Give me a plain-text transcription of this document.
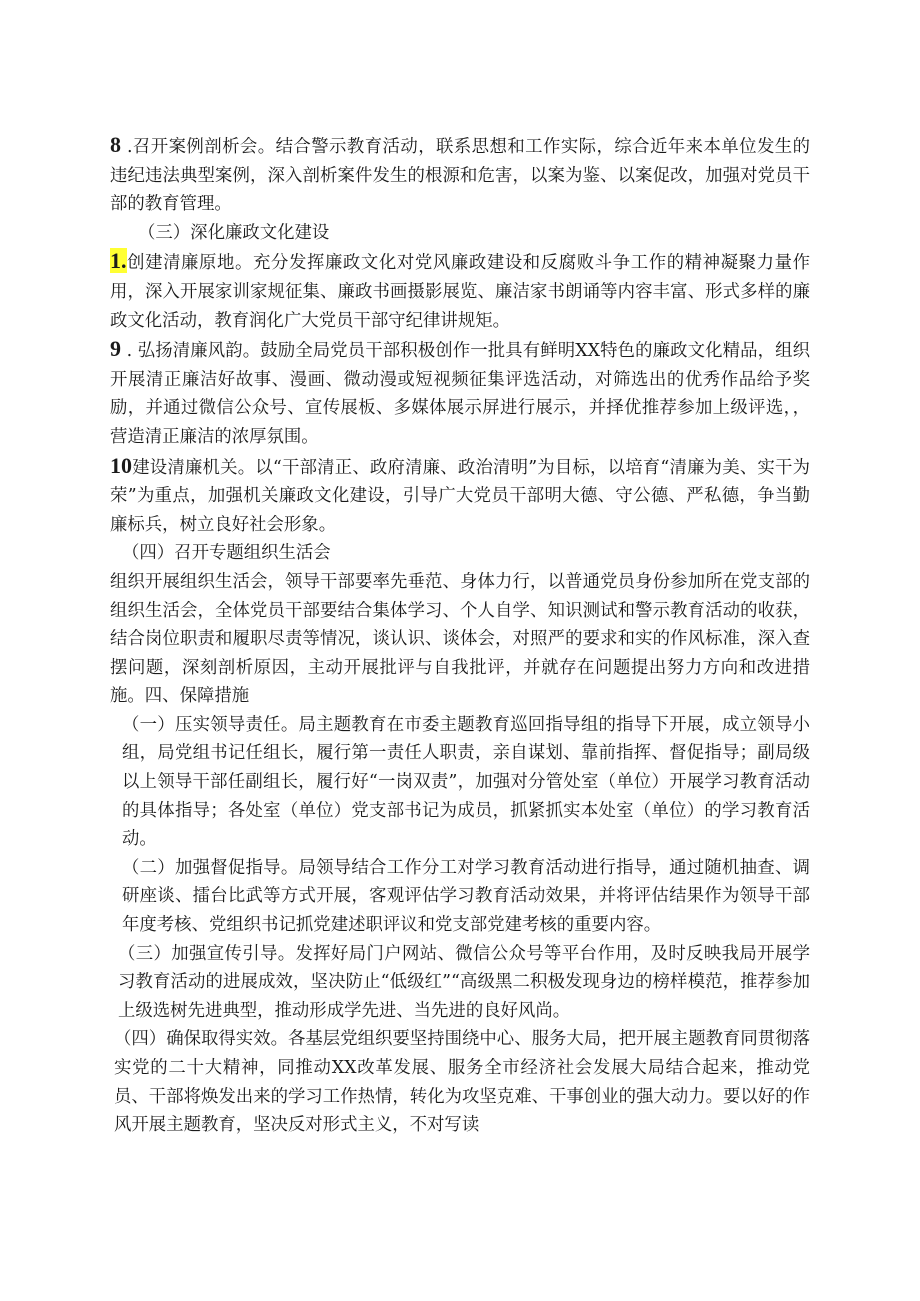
8 .召开案例剖析会。结合警示教育活动，联系思想和工作实际，综合近年来本单位发生的违纪违法典型案例，深入剖析案件发生的根源和危害，以案为鉴、以案促改，加强对党员干部的教育管理。

（三）深化廉政文化建设

1.创建清廉原地。充分发挥廉政文化对党风廉政建设和反腐败斗争工作的精神凝聚力量作用，深入开展家训家规征集、廉政书画摄影展览、廉洁家书朗诵等内容丰富、形式多样的廉政文化活动，教育润化广大党员干部守纪律讲规矩。

9 . 弘扬清廉风韵。鼓励全局党员干部积极创作一批具有鲜明XX特色的廉政文化精品，组织开展清正廉洁好故事、漫画、微动漫或短视频征集评选活动，对筛选出的优秀作品给予奖励，并通过微信公众号、宣传展板、多媒体展示屏进行展示，并择优推荐参加上级评选，，营造清正廉洁的浓厚氛围。

10建设清廉机关。以“干部清正、政府清廉、政治清明”为目标，以培育“清廉为美、实干为荣”为重点，加强机关廉政文化建设，引导广大党员干部明大德、守公德、严私德，争当勤廉标兵，树立良好社会形象。

（四）召开专题组织生活会

组织开展组织生活会，领导干部要率先垂范、身体力行，以普通党员身份参加所在党支部的组织生活会，全体党员干部要结合集体学习、个人自学、知识测试和警示教育活动的收获，结合岗位职责和履职尽责等情况，谈认识、谈体会，对照严的要求和实的作风标准，深入查摆问题，深刻剖析原因，主动开展批评与自我批评，并就存在问题提出努力方向和改进措施。四、保障措施

（一）压实领导责任。局主题教育在市委主题教育巡回指导组的指导下开展，成立领导小组，局党组书记任组长，履行第一责任人职责，亲自谋划、靠前指挥、督促指导；副局级以上领导干部任副组长，履行好“一岗双责”，加强对分管处室（单位）开展学习教育活动的具体指导；各处室（单位）党支部书记为成员，抓紧抓实本处室（单位）的学习教育活动。

（二）加强督促指导。局领导结合工作分工对学习教育活动进行指导，通过随机抽查、调研座谈、擂台比武等方式开展，客观评估学习教育活动效果，并将评估结果作为领导干部年度考核、党组织书记抓党建述职评议和党支部党建考核的重要内容。

（三）加强宣传引导。发挥好局门户网站、微信公众号等平台作用，及时反映我局开展学习教育活动的进展成效，坚决防止“低级红”“高级黑二积极发现身边的榜样模范，推荐参加上级选树先进典型，推动形成学先进、当先进的良好风尚。

（四）确保取得实效。各基层党组织要坚持围绕中心、服务大局，把开展主题教育同贯彻落实党的二十大精神，同推动XX改革发展、服务全市经济社会发展大局结合起来，推动党员、干部将焕发出来的学习工作热情，转化为攻坚克难、干事创业的强大动力。要以好的作风开展主题教育，坚决反对形式主义，不对写读
